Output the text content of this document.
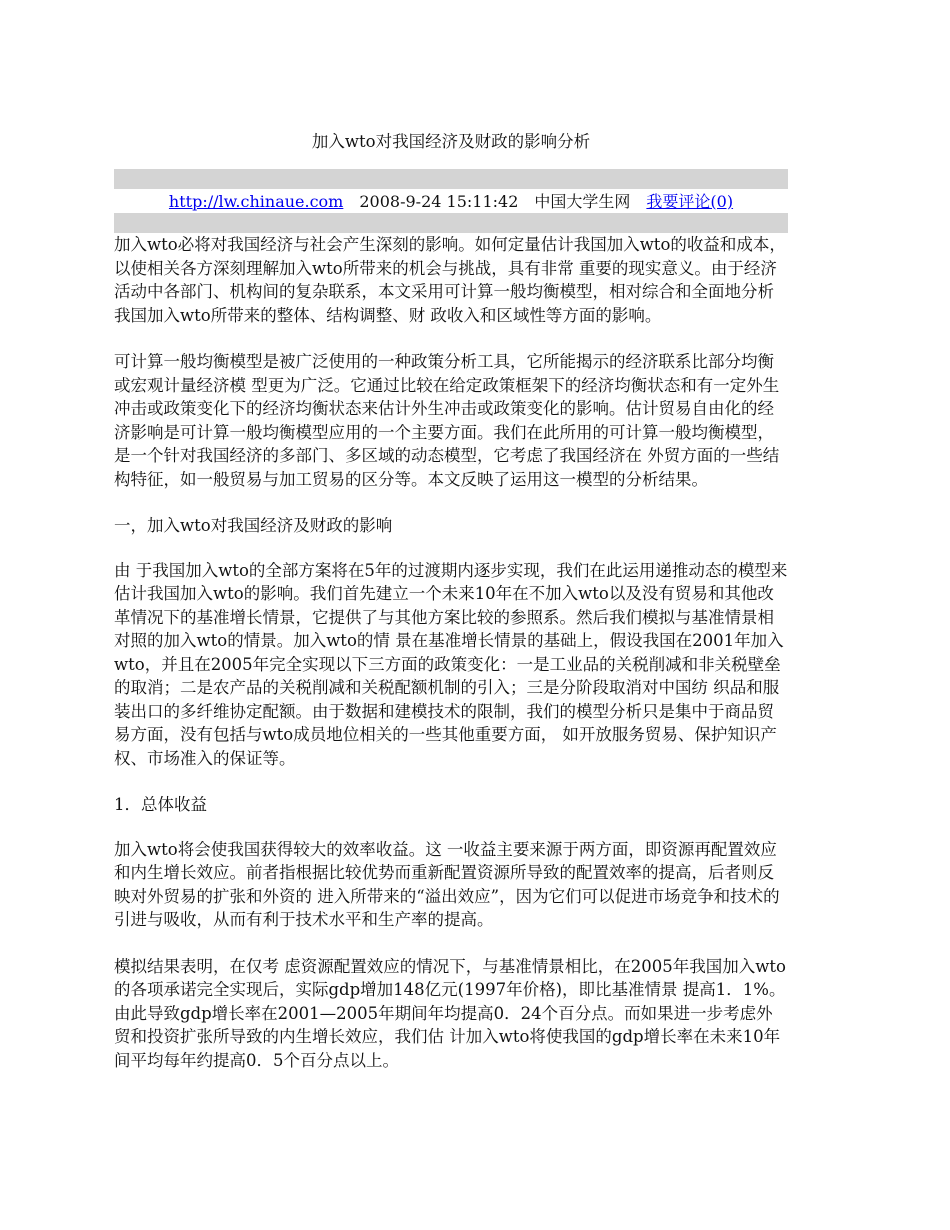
加入wto对我国经济及财政的影响分析
http://lw.chinaue.com 2008-9-24 15:11:42 中国大学生网 我要评论(0)

加入wto必将对我国经济与社会产生深刻的影响。如何定量估计我国加入wto的收益和成本，以使相关各方深刻理解加入wto所带来的机会与挑战，具有非常 重要的现实意义。由于经济活动中各部门、机构间的复杂联系，本文采用可计算一般均衡模型，相对综合和全面地分析我国加入wto所带来的整体、结构调整、财 政收入和区域性等方面的影响。

可计算一般均衡模型是被广泛使用的一种政策分析工具，它所能揭示的经济联系比部分均衡或宏观计量经济模 型更为广泛。它通过比较在给定政策框架下的经济均衡状态和有一定外生冲击或政策变化下的经济均衡状态来估计外生冲击或政策变化的影响。估计贸易自由化的经 济影响是可计算一般均衡模型应用的一个主要方面。我们在此所用的可计算一般均衡模型，是一个针对我国经济的多部门、多区域的动态模型，它考虑了我国经济在 外贸方面的一些结构特征，如一般贸易与加工贸易的区分等。本文反映了运用这一模型的分析结果。

一，加入wto对我国经济及财政的影响

由 于我国加入wto的全部方案将在5年的过渡期内逐步实现，我们在此运用递推动态的模型来估计我国加入wto的影响。我们首先建立一个未来10年在不加入wto以及没有贸易和其他改革情况下的基准增长情景，它提供了与其他方案比较的参照系。然后我们模拟与基准情景相对照的加入wto的情景。加入wto的情 景在基准增长情景的基础上，假设我国在2001年加入wto，并且在2005年完全实现以下三方面的政策变化：一是工业品的关税削减和非关税壁垒的取消；二是农产品的关税削减和关税配额机制的引入；三是分阶段取消对中国纺 织品和服装出口的多纤维协定配额。由于数据和建模技术的限制，我们的模型分析只是集中于商品贸易方面，没有包括与wto成员地位相关的一些其他重要方面， 如开放服务贸易、保护知识产权、市场准入的保证等。

1．总体收益

加入wto将会使我国获得较大的效率收益。这 一收益主要来源于两方面，即资源再配置效应和内生增长效应。前者指根据比较优势而重新配置资源所导致的配置效率的提高，后者则反映对外贸易的扩张和外资的 进入所带来的“溢出效应”，因为它们可以促进市场竞争和技术的引进与吸收，从而有利于技术水平和生产率的提高。

模拟结果表明，在仅考 虑资源配置效应的情况下，与基准情景相比，在2005年我国加入wto的各项承诺完全实现后，实际gdp增加148亿元(1997年价格)，即比基准情景 提高1．1%。由此导致gdp增长率在2001—2005年期间年均提高0．24个百分点。而如果进一步考虑外贸和投资扩张所导致的内生增长效应，我们估 计加入wto将使我国的gdp增长率在未来10年间平均每年约提高0．5个百分点以上。
